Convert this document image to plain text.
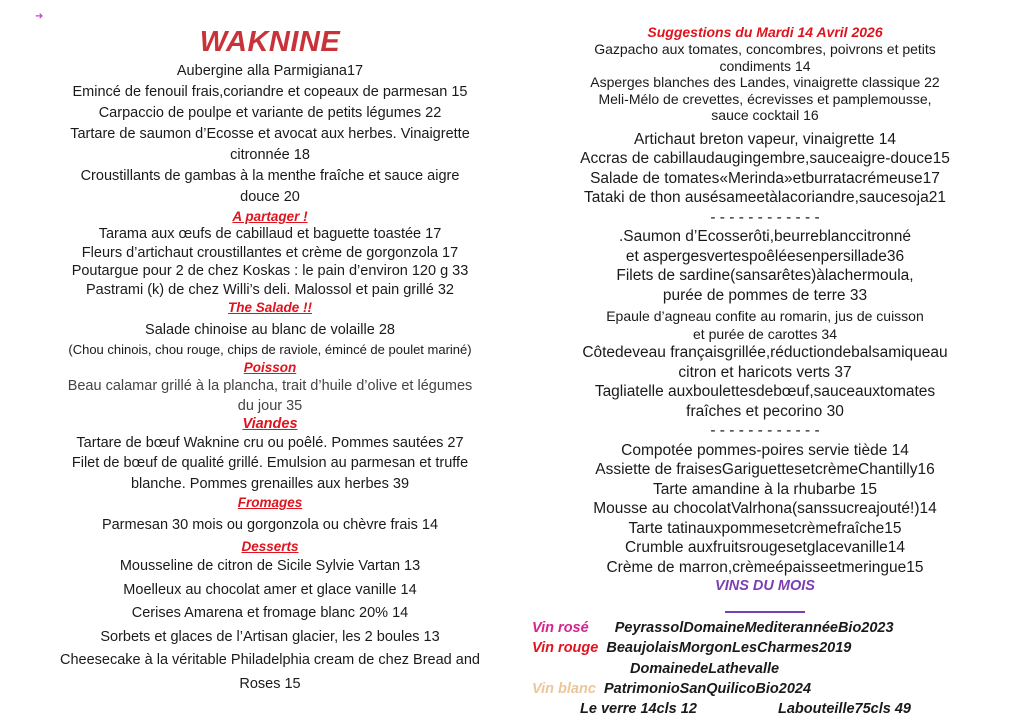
➜

WAKNINE

Aubergine alla Parmigiana17

Emincé de fenouil frais,coriandre et copeaux de parmesan 15

Carpaccio de poulpe et variante de petits légumes 22

Tartare de saumon d’Ecosse et avocat aux herbes. Vinaigrette

citronnée 18

Croustillants de gambas à la menthe fraîche et sauce aigre

douce 20

A partager !

Tarama aux œufs de cabillaud et baguette toastée 17

Fleurs d’artichaut croustillantes et crème de gorgonzola 17

Poutargue pour 2 de chez Koskas : le pain d’environ 120 g 33

Pastrami (k) de chez Willi’s deli. Malossol et pain grillé 32

The Salade !!

Salade chinoise au blanc de volaille 28

(Chou chinois, chou rouge, chips de raviole, émincé de poulet mariné)

Poisson

Beau calamar grillé à la plancha, trait d’huile d’olive et légumes

du jour 35

Viandes

Tartare de bœuf Waknine cru ou poêlé. Pommes sautées 27

Filet de bœuf de qualité grillé. Emulsion au parmesan et truffe

blanche. Pommes grenailles aux herbes 39

Fromages

Parmesan 30 mois ou gorgonzola ou chèvre frais 14

Desserts

Mousseline de citron de Sicile Sylvie Vartan 13

Moelleux au chocolat amer et glace vanille 14

Cerises Amarena et fromage blanc 20% 14

Sorbets et glaces de l’Artisan glacier, les 2 boules 13

Cheesecake à la véritable Philadelphia cream de chez Bread and

Roses 15

Suggestions du Mardi 14 Avril 2026

Gazpacho aux tomates, concombres, poivrons et petits

condiments 14

Asperges blanches des Landes, vinaigrette classique 22

Meli-Mélo de crevettes, écrevisses et pamplemousse,

sauce cocktail 16

Artichaut breton vapeur, vinaigrette 14

Accras de cabillaudaugingembre,sauceaigre-douce15

Salade de tomates«Merinda»etburratacrémeuse17

Tataki de thon ausésameetàlacoriandre,saucesoja21

- - - - - - - - - - - -

.Saumon d’Ecosserôti,beurreblanccitronné

et aspergesvertespoêléesenpersillade36

Filets de sardine(sansarêtes)àlachermoula,

purée de pommes de terre 33

Epaule d’agneau confite au romarin, jus de cuisson

et purée de carottes 34

Côtedeveau françaisgrillée,réductiondebalsamiqueau

citron et haricots verts 37

Tagliatelle auxboulettesdebœuf,sauceauxtomates

fraîches et pecorino 30

- - - - - - - - - - - -

Compotée pommes-poires servie tiède 14

Assiette de fraisesGariguettesetcrèmeChantilly16

Tarte amandine à la rhubarbe 15

Mousse au chocolatValrhona(sanssucreajouté!)14

Tarte tatinauxpommesetcrèmefraîche15

Crumble auxfruitsrougesetglacevanille14

Crème de marron,crèmeépaisseetmeringue15

VINS DU MOIS

Vin rosé PeyrassolDomaineMediterannéeBio2023
Vin rouge BeaujolaisMorgonLesCharmes2019
DomainedeLathevalle
Vin blanc PatrimonioSanQuilicoBio2024
Le verre 14cls 12	Labouteille75cls 49
